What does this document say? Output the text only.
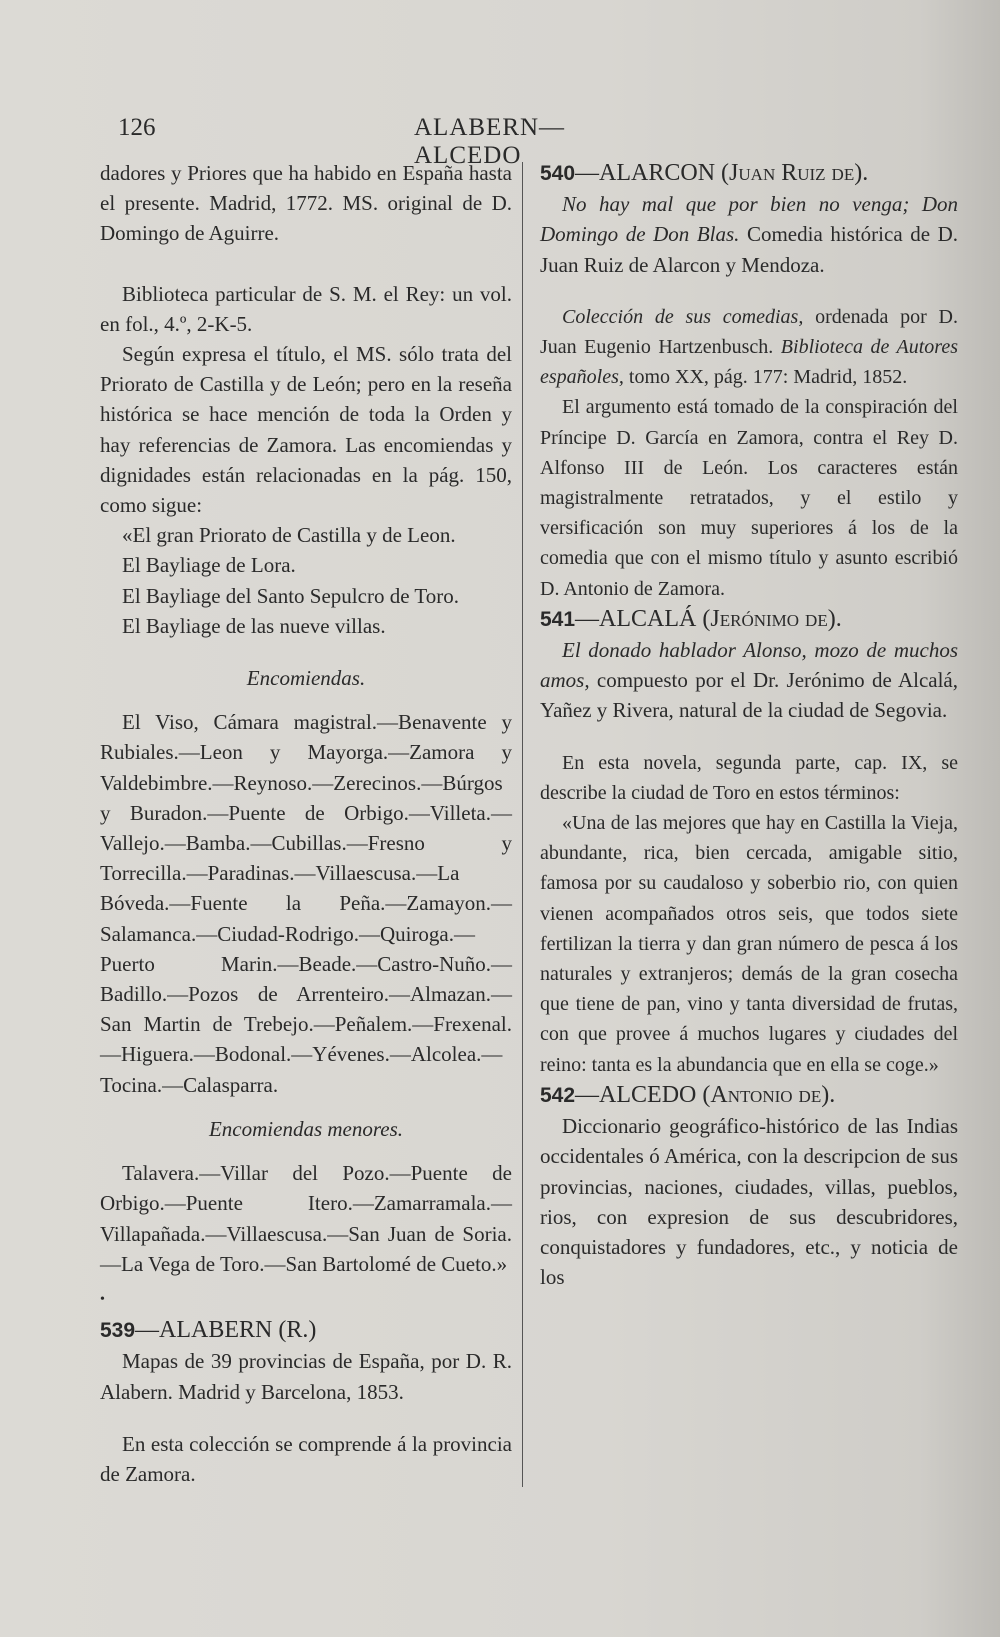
126	ALABERN—ALCEDO

dadores y Priores que ha habido en España hasta el presente. Madrid, 1772. MS. original de D. Domingo de Aguirre.

Biblioteca particular de S. M. el Rey: un vol. en fol., 4.º, 2-K-5.

Según expresa el título, el MS. sólo trata del Priorato de Castilla y de León; pero en la reseña histórica se hace mención de toda la Orden y hay referencias de Zamora. Las encomiendas y dignidades están relacionadas en la pág. 150, como sigue:

«El gran Priorato de Castilla y de Leon.

El Bayliage de Lora.

El Bayliage del Santo Sepulcro de Toro.

El Bayliage de las nueve villas.

Encomiendas.

El Viso, Cámara magistral.—Benavente y Rubiales.—Leon y Mayorga.—Zamora y Valdebimbre.—Reynoso.—Zerecinos.—Búrgos y Buradon.—Puente de Orbigo.—Villeta.—Vallejo.—Bamba.—Cubillas.—Fresno y Torrecilla.—Paradinas.—Villaescusa.—La Bóveda.—Fuente la Peña.—Zamayon.—Salamanca.—Ciudad-Rodrigo.—Quiroga.—Puerto Marin.—Beade.—Castro-Nuño.—Badillo.—Pozos de Arrenteiro.—Almazan.—San Martin de Trebejo.—Peñalem.—Frexenal.—Higuera.—Bodonal.—Yévenes.—Alcolea.—Tocina.—Calasparra.

Encomiendas menores.

Talavera.—Villar del Pozo.—Puente de Orbigo.—Puente Itero.—Zamarramala.—Villapañada.—Villaescusa.—San Juan de Soria.—La Vega de Toro.—San Bartolomé de Cueto.»

•

539—ALABERN (R.)

Mapas de 39 provincias de España, por D. R. Alabern. Madrid y Barcelona, 1853.

En esta colección se comprende á la provincia de Zamora.

540—ALARCON (Juan Ruiz de).

No hay mal que por bien no venga; Don Domingo de Don Blas. Comedia histórica de D. Juan Ruiz de Alarcon y Mendoza.

Colección de sus comedias, ordenada por D. Juan Eugenio Hartzenbusch. Biblioteca de Autores españoles, tomo XX, pág. 177: Madrid, 1852.

El argumento está tomado de la conspiración del Príncipe D. García en Zamora, contra el Rey D. Alfonso III de León. Los caracteres están magistralmente retratados, y el estilo y versificación son muy superiores á los de la comedia que con el mismo título y asunto escribió D. Antonio de Zamora.

541—ALCALÁ (Jerónimo de).

El donado hablador Alonso, mozo de muchos amos, compuesto por el Dr. Jerónimo de Alcalá, Yañez y Rivera, natural de la ciudad de Segovia.

En esta novela, segunda parte, cap. IX, se describe la ciudad de Toro en estos términos:

«Una de las mejores que hay en Castilla la Vieja, abundante, rica, bien cercada, amigable sitio, famosa por su caudaloso y soberbio rio, con quien vienen acompañados otros seis, que todos siete fertilizan la tierra y dan gran número de pesca á los naturales y extranjeros; demás de la gran cosecha que tiene de pan, vino y tanta diversidad de frutas, con que provee á muchos lugares y ciudades del reino: tanta es la abundancia que en ella se coge.»

542—ALCEDO (Antonio de).

Diccionario geográfico-histórico de las Indias occidentales ó América, con la descripcion de sus provincias, naciones, ciudades, villas, pueblos, rios, con expresion de sus descubridores, conquistadores y fundadores, etc., y noticia de los
